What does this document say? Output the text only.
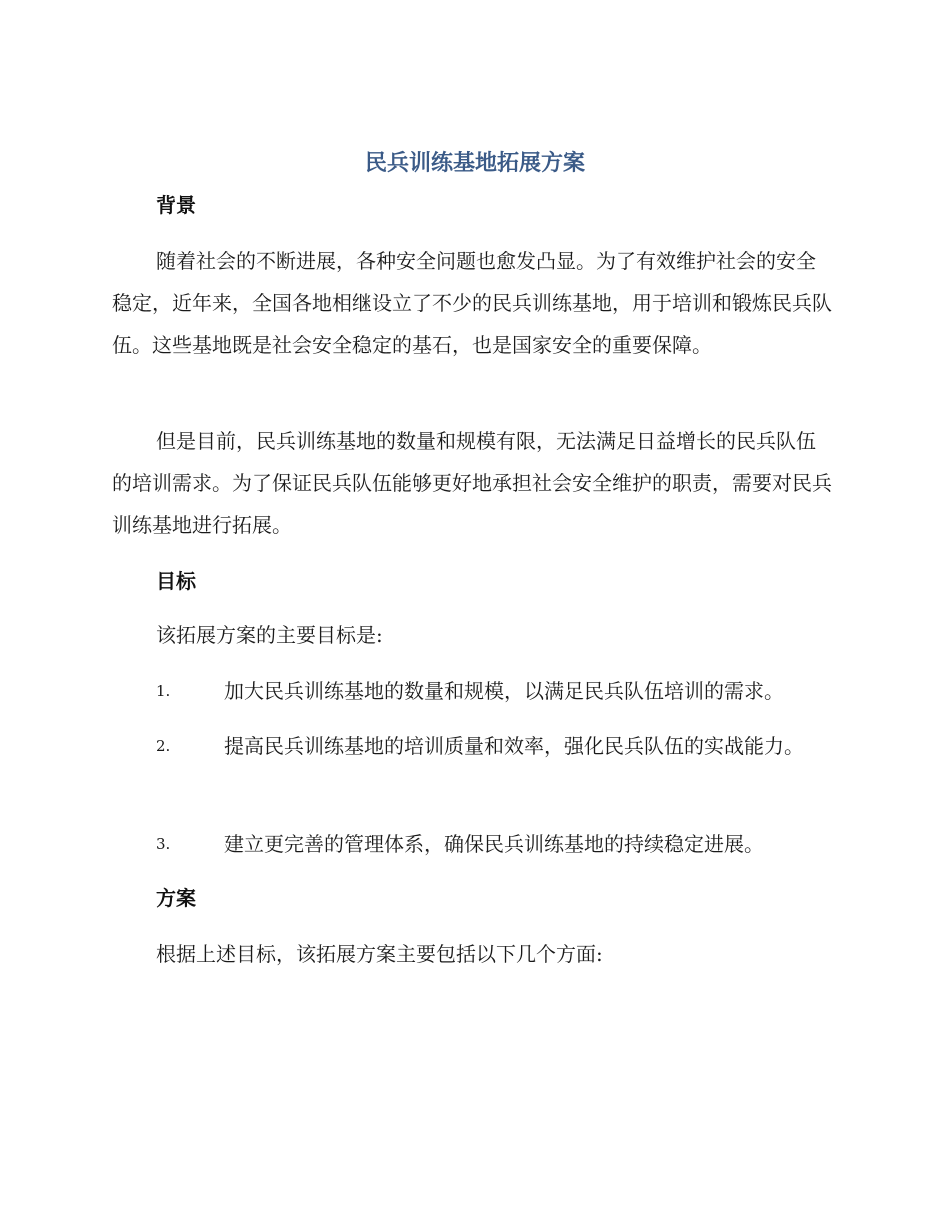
民兵训练基地拓展方案
背景

随着社会的不断进展，各种安全问题也愈发凸显。为了有效维护社会的安全稳定，近年来，全国各地相继设立了不少的民兵训练基地，用于培训和锻炼民兵队伍。这些基地既是社会安全稳定的基石，也是国家安全的重要保障。

但是目前，民兵训练基地的数量和规模有限，无法满足日益增长的民兵队伍的培训需求。为了保证民兵队伍能够更好地承担社会安全维护的职责，需要对民兵训练基地进行拓展。

目标

该拓展方案的主要目标是:

1.	加大民兵训练基地的数量和规模，以满足民兵队伍培训的需求。
2.	提高民兵训练基地的培训质量和效率，强化民兵队伍的实战能力。
3.	建立更完善的管理体系，确保民兵训练基地的持续稳定进展。
方案

根据上述目标，该拓展方案主要包括以下几个方面:
